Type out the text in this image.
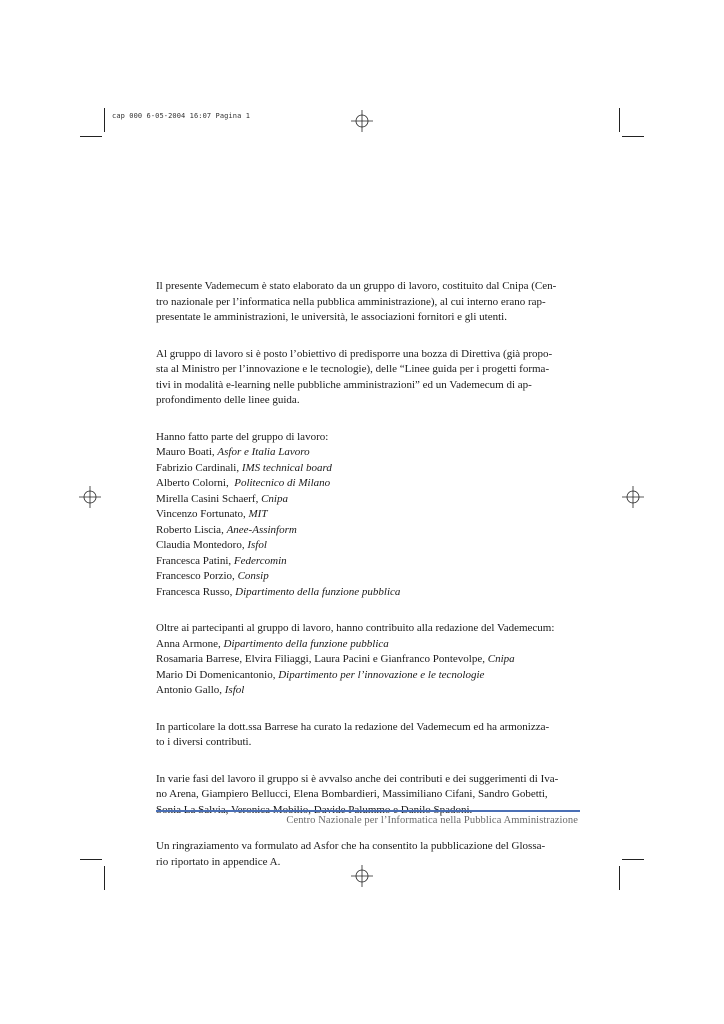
cap 000 6-05-2004 16:07 Pagina 1

Il presente Vademecum è stato elaborato da un gruppo di lavoro, costituito dal Cnipa (Cen-
tro nazionale per l’informatica nella pubblica amministrazione), al cui interno erano rap-
presentate le amministrazioni, le università, le associazioni fornitori e gli utenti.

Al gruppo di lavoro si è posto l’obiettivo di predisporre una bozza di Direttiva (già propo-
sta al Ministro per l’innovazione e le tecnologie), delle “Linee guida per i progetti forma-
tivi in modalità e-learning nelle pubbliche amministrazioni” ed un Vademecum di ap-
profondimento delle linee guida.

Hanno fatto parte del gruppo di lavoro:
Mauro Boati, Asfor e Italia Lavoro
Fabrizio Cardinali, IMS technical board
Alberto Colorni,  Politecnico di Milano
Mirella Casini Schaerf, Cnipa
Vincenzo Fortunato, MIT
Roberto Liscia, Anee-Assinform
Claudia Montedoro, Isfol
Francesca Patini, Federcomin
Francesco Porzio, Consip
Francesca Russo, Dipartimento della funzione pubblica

Oltre ai partecipanti al gruppo di lavoro, hanno contribuito alla redazione del Vademecum:
Anna Armone, Dipartimento della funzione pubblica
Rosamaria Barrese, Elvira Filiaggi, Laura Pacini e Gianfranco Pontevolpe, Cnipa
Mario Di Domenicantonio, Dipartimento per l’innovazione e le tecnologie
Antonio Gallo, Isfol

In particolare la dott.ssa Barrese ha curato la redazione del Vademecum ed ha armonizza-
to i diversi contributi.

In varie fasi del lavoro il gruppo si è avvalso anche dei contributi e dei suggerimenti di Iva-
no Arena, Giampiero Bellucci, Elena Bombardieri, Massimiliano Cifani, Sandro Gobetti,

Un ringraziamento va formulato ad Asfor che ha consentito la pubblicazione del Glossa-
rio riportato in appendice A.

Centro Nazionale per l’Informatica nella Pubblica Amministrazione
